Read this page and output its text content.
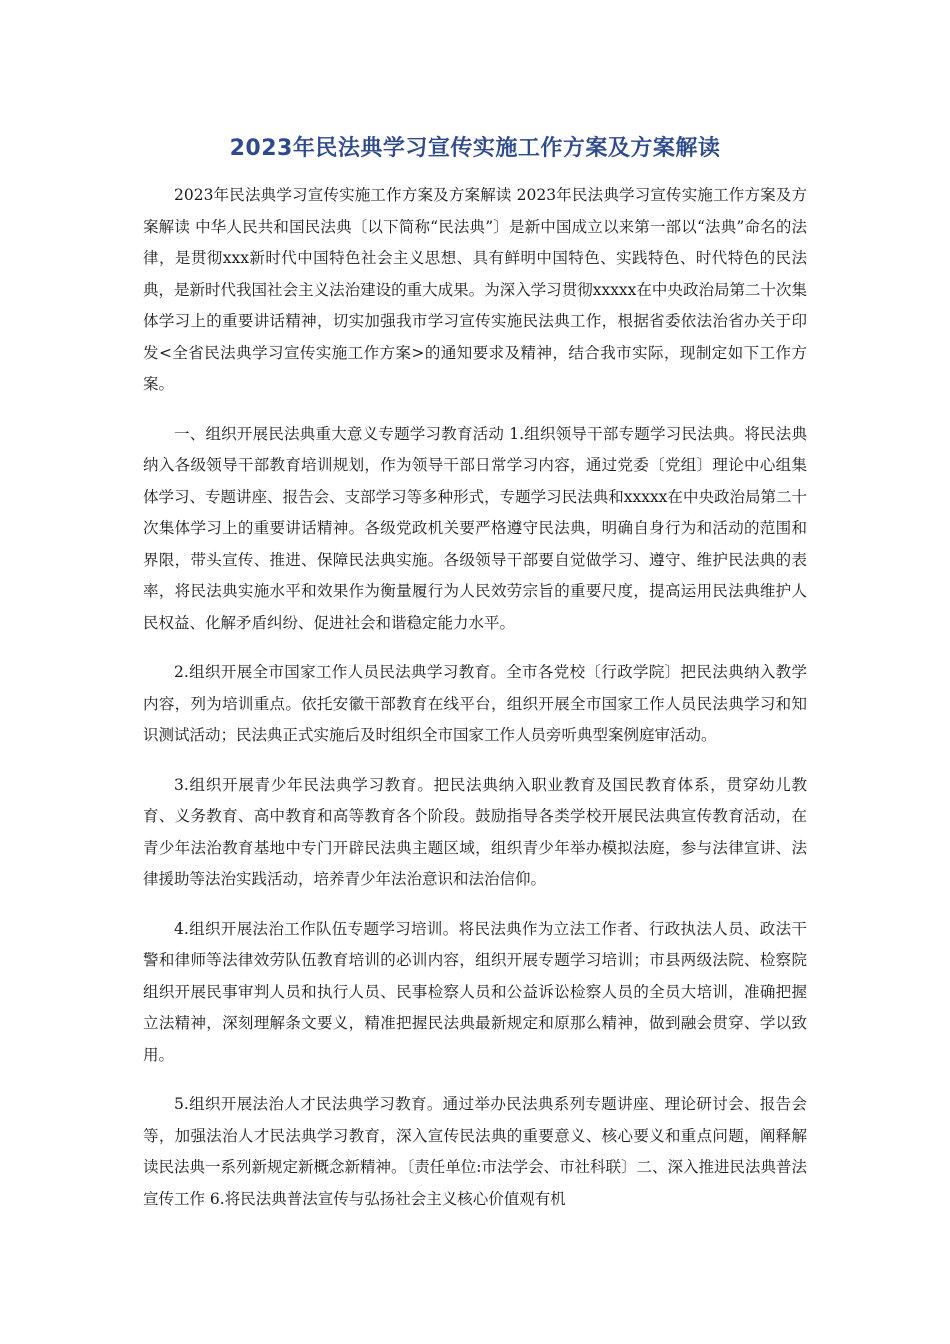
2023年民法典学习宣传实施工作方案及方案解读

2023年民法典学习宣传实施工作方案及方案解读 2023年民法典学习宣传实施工作方案及方案解读 中华人民共和国民法典〔以下简称“民法典”〕是新中国成立以来第一部以“法典”命名的法律，是贯彻xxx新时代中国特色社会主义思想、具有鲜明中国特色、实践特色、时代特色的民法典，是新时代我国社会主义法治建设的重大成果。为深入学习贯彻xxxxx在中央政治局第二十次集体学习上的重要讲话精神，切实加强我市学习宣传实施民法典工作，根据省委依法治省办关于印发<全省民法典学习宣传实施工作方案>的通知要求及精神，结合我市实际，现制定如下工作方案。

一、组织开展民法典重大意义专题学习教育活动 1.组织领导干部专题学习民法典。将民法典纳入各级领导干部教育培训规划，作为领导干部日常学习内容，通过党委〔党组〕理论中心组集体学习、专题讲座、报告会、支部学习等多种形式，专题学习民法典和xxxxx在中央政治局第二十次集体学习上的重要讲话精神。各级党政机关要严格遵守民法典，明确自身行为和活动的范围和界限，带头宣传、推进、保障民法典实施。各级领导干部要自觉做学习、遵守、维护民法典的表率，将民法典实施水平和效果作为衡量履行为人民效劳宗旨的重要尺度，提高运用民法典维护人民权益、化解矛盾纠纷、促进社会和谐稳定能力水平。

2.组织开展全市国家工作人员民法典学习教育。全市各党校〔行政学院〕把民法典纳入教学内容，列为培训重点。依托安徽干部教育在线平台，组织开展全市国家工作人员民法典学习和知识测试活动；民法典正式实施后及时组织全市国家工作人员旁听典型案例庭审活动。

3.组织开展青少年民法典学习教育。把民法典纳入职业教育及国民教育体系，贯穿幼儿教育、义务教育、高中教育和高等教育各个阶段。鼓励指导各类学校开展民法典宣传教育活动，在青少年法治教育基地中专门开辟民法典主题区域，组织青少年举办模拟法庭，参与法律宣讲、法律援助等法治实践活动，培养青少年法治意识和法治信仰。

4.组织开展法治工作队伍专题学习培训。将民法典作为立法工作者、行政执法人员、政法干警和律师等法律效劳队伍教育培训的必训内容，组织开展专题学习培训；市县两级法院、检察院组织开展民事审判人员和执行人员、民事检察人员和公益诉讼检察人员的全员大培训，准确把握立法精神，深刻理解条文要义，精准把握民法典最新规定和原那么精神，做到融会贯穿、学以致用。

5.组织开展法治人才民法典学习教育。通过举办民法典系列专题讲座、理论研讨会、报告会等，加强法治人才民法典学习教育，深入宣传民法典的重要意义、核心要义和重点问题，阐释解读民法典一系列新规定新概念新精神。〔责任单位:市法学会、市社科联〕二、深入推进民法典普法宣传工作 6.将民法典普法宣传与弘扬社会主义核心价值观有机
